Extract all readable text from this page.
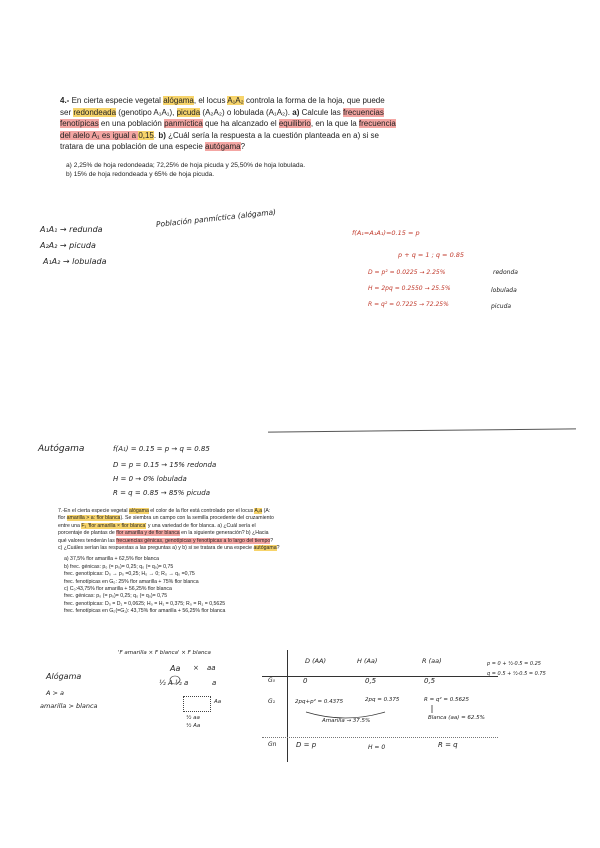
4.- En cierta especie vegetal alógama, el locus A₁A₂ controla la forma de la hoja, que puede
ser redondeada (genotipo A₁A₁), picuda (A₂A₂) o lobulada (A₁A₂). a) Calcule las frecuencias
fenotípicas en una población panmíctica que ha alcanzado el equilibrio, en la que la frecuencia
del alelo A₁ es igual a 0,15. b) ¿Cuál sería la respuesta a la cuestión planteada en a) si se
tratara de una población de una especie autógama?
a) 2,25% de hoja redondeada; 72,25% de hoja picuda y 25,50% de hoja lobulada.
b) 15% de hoja redondeada y 65% de hoja picuda.
A₁A₁ → redunda
A₂A₂ → picuda
A₁A₂ → lobulada
Población panmíctica (alógama)
f(A₁=A₁A₁)=0.15 = p
p + q = 1 ; q = 0.85
D = p² = 0.0225 → 2.25%	redonda
H = 2pq = 0.2550 → 25.5%	lobulada
R = q² = 0.7225 → 72.25%	picuda
Autógama	f(A₁) = 0.15 = p → q = 0.85
D = p = 0.15 → 15% redonda
H = 0 → 0% lobulada
R = q = 0.85 → 85% picuda
7.-En el cierta especie vegetal alógama el color de la flor está controlado por el locus A,a (A:
flor amarilla > a: flor blanca). Se siembra un campo con la semilla procedente del cruzamiento
entre una F₁ 'flor amarilla × flor blanca' y una variedad de flor blanca. a) ¿Cuál sería el
porcentaje de plantas de flor amarilla y de flor blanca en la siguiente generación? b) ¿Hacia
qué valores tenderán las frecuencias génicas, genotípicas y fenotípicas a lo largo del tiempo?
c) ¿Cuáles serían las respuestas a las preguntas a) y b) si se tratara de una especie autógama?
a) 37,5% flor amarilla + 62,5% flor blanca
b) frec. génicas: p₀ (= p₀)= 0,25; q₀ (= q₀)= 0,75
frec. genotípicas: D₀ → p₀ =0,25; H₀ → 0; R₀ → q₀ =0,75
frec. fenotípicas en G₀: 25% flor amarilla + 75% flor blanca
c) C₀:43,75% flor amarilla + 56,25% flor blanca
frec. génicas: p₀ (= p₀)= 0,25; q₀ (= q₀)= 0,75
frec. genotípicas: D₀ = D₁ = 0,0625; H₀ = H₁ = 0,375; R₀ = R₁ = 0,5625
frec. fenotípicas en G₀(=G₁): 43,75% flor amarilla + 56,25% flor blanca
'F amarilla × F blanca' × F blanca
Aa × aa
½ A ½ a	a
Aa
½ aa
½ Aa
Alógama
A > a
amarilla > blanca
D (AA)	H (Aa)	R (aa)
G₀	0	0,5	0,5
G₁	2pq+p² = 0.4375	2pq = 0.375	R = q² = 0.5625
Amarilla → 37.5%	Blanca (aa) = 62.5%
Gn	D = p	H = 0	R = q
p = 0 + ½·0.5 = 0.25
q = 0.5 + ½·0.5 = 0.75
